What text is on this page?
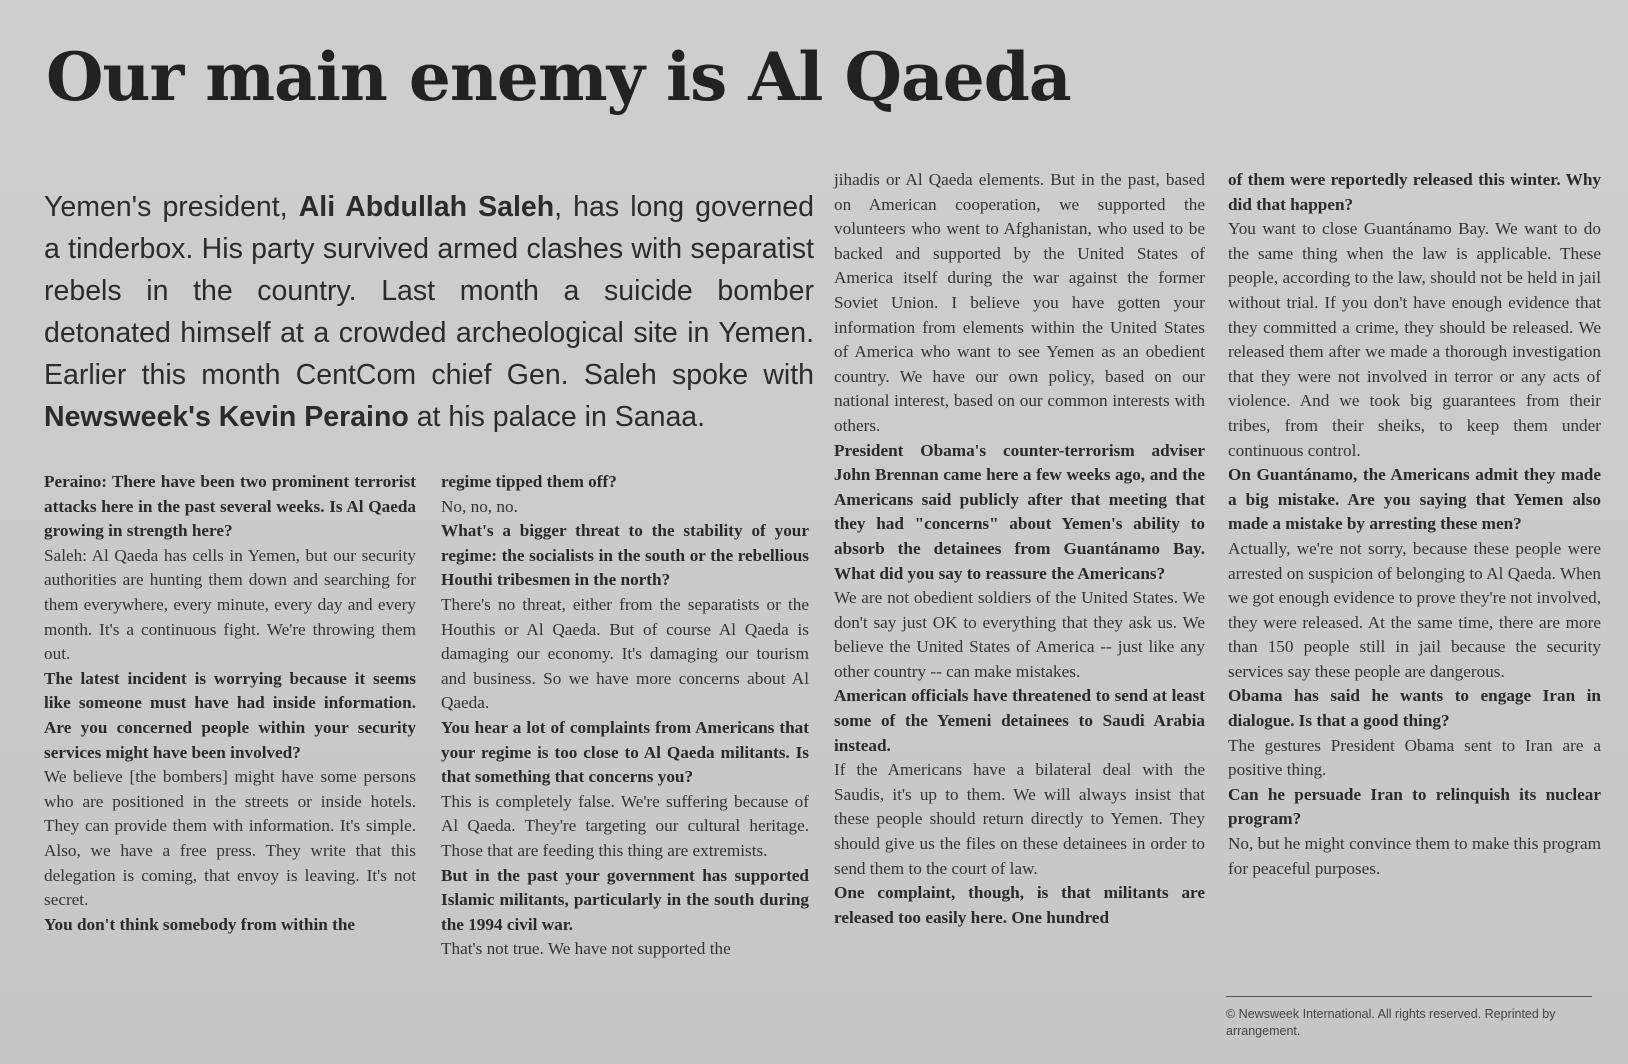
Our main enemy is Al Qaeda

Yemen's president, Ali Abdullah Saleh, has long governed a tinderbox. His party survived armed clashes with separatist rebels in the country. Last month a suicide bomber detonated himself at a crowded archeological site in Yemen. Earlier this month CentCom chief Gen. Saleh spoke with Newsweek's Kevin Peraino at his palace in Sanaa.

Peraino: There have been two prominent terrorist attacks here in the past several weeks. Is Al Qaeda growing in strength here?

Saleh: Al Qaeda has cells in Yemen, but our security authorities are hunting them down and searching for them everywhere, every minute, every day and every month. It's a continuous fight. We're throwing them out.

The latest incident is worrying because it seems like someone must have had inside information. Are you concerned people within your security services might have been involved?

We believe [the bombers] might have some persons who are positioned in the streets or inside hotels. They can provide them with information. It's simple. Also, we have a free press. They write that this delegation is coming, that envoy is leaving. It's not secret.

You don't think somebody from within the

regime tipped them off?

No, no, no.

What's a bigger threat to the stability of your regime: the socialists in the south or the rebellious Houthi tribesmen in the north?

There's no threat, either from the separatists or the Houthis or Al Qaeda. But of course Al Qaeda is damaging our economy. It's damaging our tourism and business. So we have more concerns about Al Qaeda.

You hear a lot of complaints from Americans that your regime is too close to Al Qaeda militants. Is that something that concerns you?

This is completely false. We're suffering because of Al Qaeda. They're targeting our cultural heritage. Those that are feeding this thing are extremists.

But in the past your government has supported Islamic militants, particularly in the south during the 1994 civil war.

That's not true. We have not supported the

jihadis or Al Qaeda elements. But in the past, based on American cooperation, we supported the volunteers who went to Afghanistan, who used to be backed and supported by the United States of America itself during the war against the former Soviet Union. I believe you have gotten your information from elements within the United States of America who want to see Yemen as an obedient country. We have our own policy, based on our national interest, based on our common interests with others.

President Obama's counter-terrorism adviser John Brennan came here a few weeks ago, and the Americans said publicly after that meeting that they had "concerns" about Yemen's ability to absorb the detainees from Guantánamo Bay. What did you say to reassure the Americans?

We are not obedient soldiers of the United States. We don't say just OK to everything that they ask us. We believe the United States of America -- just like any other country -- can make mistakes.

American officials have threatened to send at least some of the Yemeni detainees to Saudi Arabia instead.

If the Americans have a bilateral deal with the Saudis, it's up to them. We will always insist that these people should return directly to Yemen. They should give us the files on these detainees in order to send them to the court of law.

One complaint, though, is that militants are released too easily here. One hundred

of them were reportedly released this winter. Why did that happen?

You want to close Guantánamo Bay. We want to do the same thing when the law is applicable. These people, according to the law, should not be held in jail without trial. If you don't have enough evidence that they committed a crime, they should be released. We released them after we made a thorough investigation that they were not involved in terror or any acts of violence. And we took big guarantees from their tribes, from their sheiks, to keep them under continuous control.

On Guantánamo, the Americans admit they made a big mistake. Are you saying that Yemen also made a mistake by arresting these men?

Actually, we're not sorry, because these people were arrested on suspicion of belonging to Al Qaeda. When we got enough evidence to prove they're not involved, they were released. At the same time, there are more than 150 people still in jail because the security services say these people are dangerous.

Obama has said he wants to engage Iran in dialogue. Is that a good thing?

The gestures President Obama sent to Iran are a positive thing.

Can he persuade Iran to relinquish its nuclear program?

No, but he might convince them to make this program for peaceful purposes.

© Newsweek International. All rights reserved. Reprinted by arrangement.
